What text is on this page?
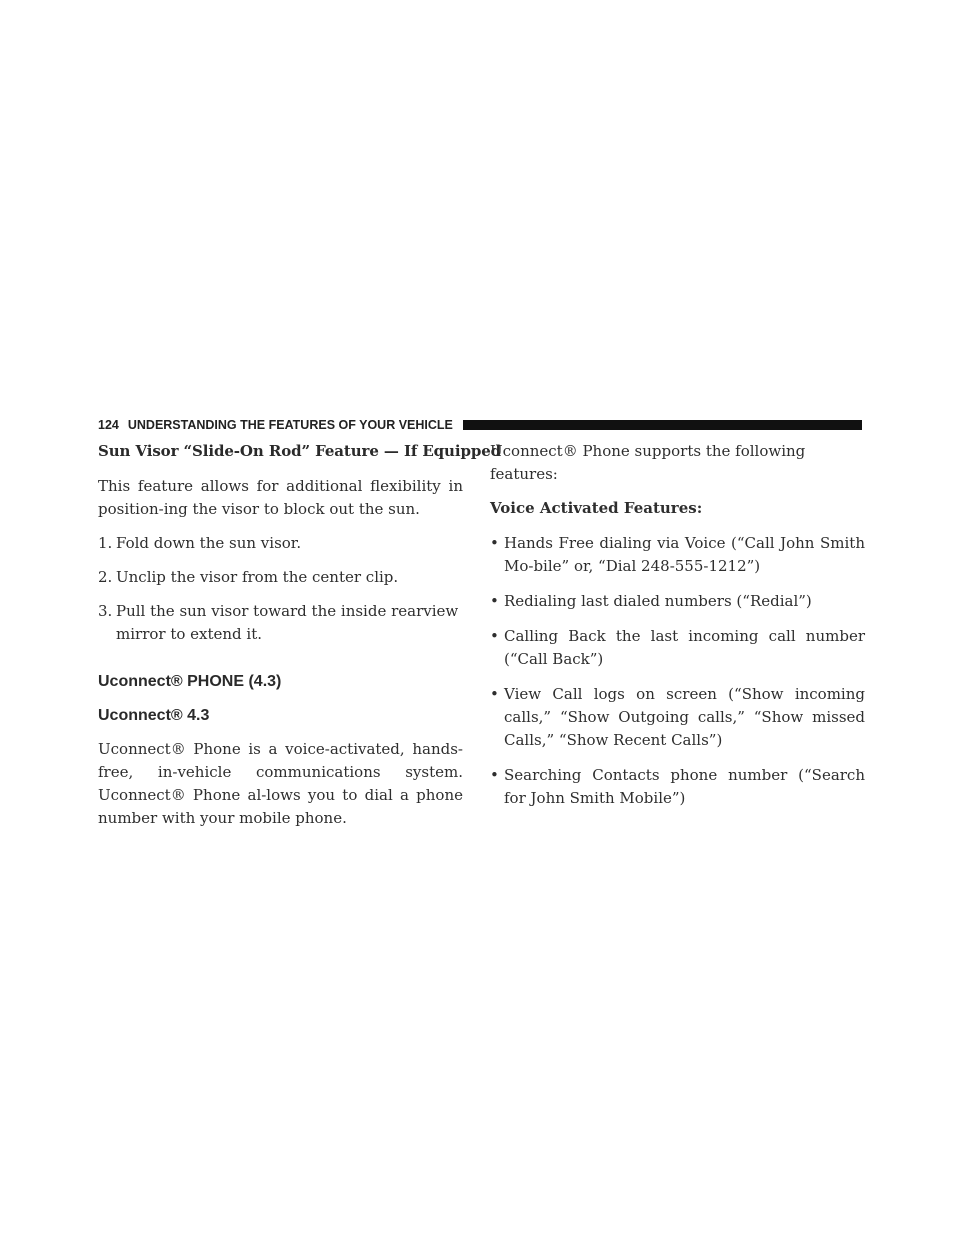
124 UNDERSTANDING THE FEATURES OF YOUR VEHICLE
Sun Visor “Slide-On Rod” Feature — If Equipped

This feature allows for additional flexibility in position-ing the visor to block out the sun.

1. Fold down the sun visor.

2. Unclip the visor from the center clip.

3. Pull the sun visor toward the inside rearview mirror to extend it.

Uconnect® PHONE (4.3)
Uconnect® 4.3

Uconnect® Phone is a voice-activated, hands-free, in-vehicle communications system. Uconnect® Phone al-lows you to dial a phone number with your mobile phone.

Uconnect® Phone supports the following features:

Voice Activated Features:

• Hands Free dialing via Voice (“Call John Smith Mo-bile” or, “Dial 248-555-1212”)

• Redialing last dialed numbers (“Redial”)

• Calling Back the last incoming call number (“Call Back”)

• View Call logs on screen (“Show incoming calls,” “Show Outgoing calls,” “Show missed Calls,” “Show Recent Calls”)

• Searching Contacts phone number (“Search for John Smith Mobile”)
